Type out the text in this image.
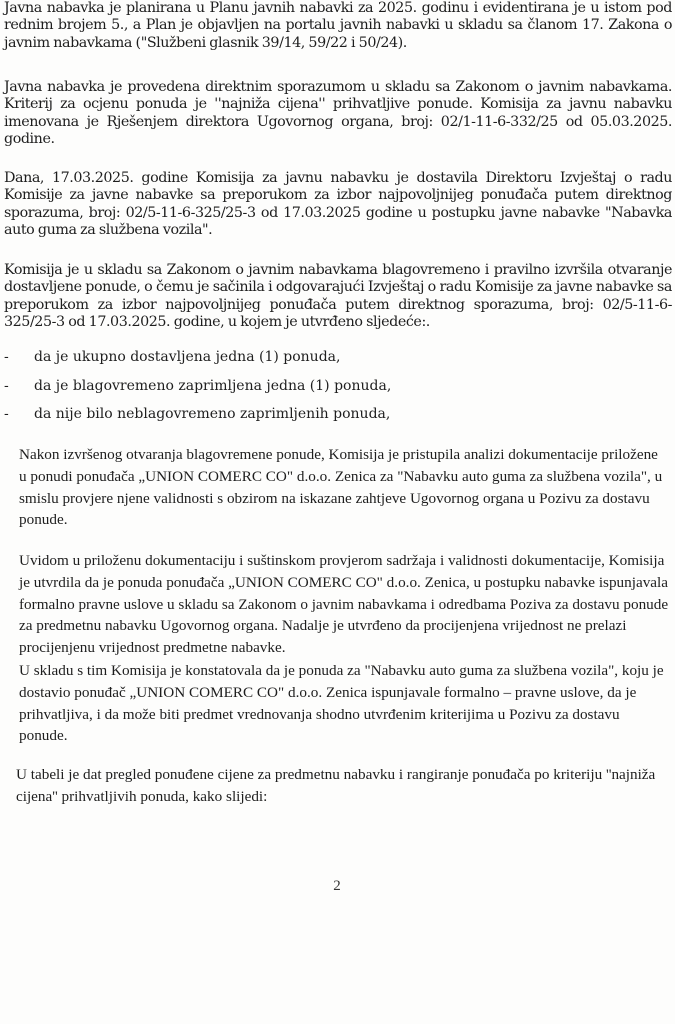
Javna nabavka je planirana u Planu javnih nabavki za 2025. godinu i evidentirana je u istom pod rednim brojem 5., a Plan je objavljen na portalu javnih nabavki u skladu sa članom 17. Zakona o javnim nabavkama ("Službeni glasnik 39/14, 59/22 i 50/24).

Javna nabavka je provedena direktnim sporazumom u skladu sa Zakonom o javnim nabavkama. Kriterij za ocjenu ponuda je ''najniža cijena'' prihvatljive ponude. Komisija za javnu nabavku imenovana je Rješenjem direktora Ugovornog organa, broj: 02/1-11-6-332/25 od 05.03.2025. godine.

Dana, 17.03.2025. godine Komisija za javnu nabavku je dostavila Direktoru Izvještaj o radu Komisije za javne nabavke sa preporukom za izbor najpovoljnijeg ponuđača putem direktnog sporazuma, broj: 02/5-11-6-325/25-3 od 17.03.2025 godine u postupku javne nabavke "Nabavka auto guma za službena vozila".

Komisija je u skladu sa Zakonom o javnim nabavkama blagovremeno i pravilno izvršila otvaranje dostavljene ponude, o čemu je sačinila i odgovarajući Izvještaj o radu Komisije za javne nabavke sa preporukom za izbor najpovoljnijeg ponuđača putem direktnog sporazuma, broj: 02/5-11-6-325/25-3 od 17.03.2025. godine, u kojem je utvrđeno sljedeće:.

- da je ukupno dostavljena jedna (1) ponuda,
- da je blagovremeno zaprimljena jedna (1) ponuda,
- da nije bilo neblagovremeno zaprimljenih ponuda,

Nakon izvršenog otvaranja blagovremene ponude, Komisija je pristupila analizi dokumentacije priložene u ponudi ponuđača „UNION COMERC CO" d.o.o. Zenica za "Nabavku auto guma za službena vozila", u smislu provjere njene validnosti s obzirom na iskazane zahtjeve Ugovornog organa u Pozivu za dostavu ponude.

Uvidom u priloženu dokumentaciju i suštinskom provjerom sadržaja i validnosti dokumentacije, Komisija je utvrdila da je ponuda ponuđača „UNION COMERC CO" d.o.o. Zenica, u postupku nabavke ispunjavala formalno pravne uslove u skladu sa Zakonom o javnim nabavkama i odredbama Poziva za dostavu ponude za predmetnu nabavku Ugovornog organa. Nadalje je utvrđeno da procijenjena vrijednost ne prelazi procijenjenu vrijednost predmetne nabavke.

U skladu s tim Komisija je konstatovala da je ponuda za "Nabavku auto guma za službena vozila", koju je dostavio ponuđač „UNION COMERC CO" d.o.o. Zenica ispunjavale formalno – pravne uslove, da je prihvatljiva, i da može biti predmet vrednovanja shodno utvrđenim kriterijima u Pozivu za dostavu ponude.

U tabeli je dat pregled ponuđene cijene za predmetnu nabavku i rangiranje ponuđača po kriteriju ''najniža cijena'' prihvatljivih ponuda, kako slijedi:

2
